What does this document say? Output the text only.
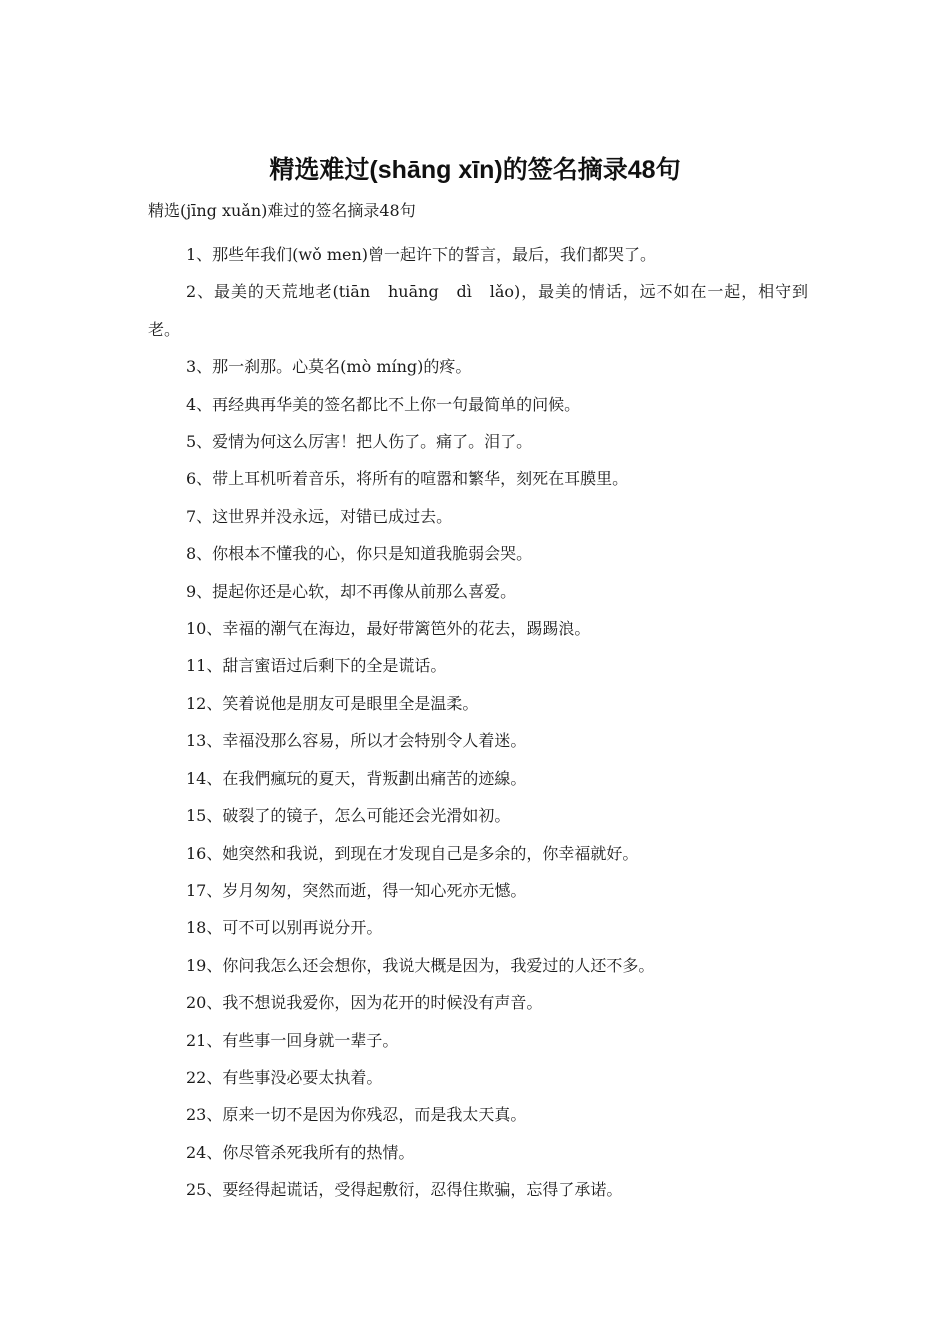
精选难过(shāng xīn)的签名摘录48句

精选(jīng xuǎn)难过的签名摘录48句

1、那些年我们(wǒ men)曾一起许下的誓言，最后，我们都哭了。
2、最美的天荒地老(tiān　huāng　dì　lǎo)，最美的情话，远不如在一起，相守到老。
3、那一刹那。心莫名(mò míng)的疼。
4、再经典再华美的签名都比不上你一句最简单的问候。
5、爱情为何这么厉害！把人伤了。痛了。泪了。
6、带上耳机听着音乐，将所有的喧嚣和繁华，刻死在耳膜里。
7、这世界并没永远，对错已成过去。
8、你根本不懂我的心，你只是知道我脆弱会哭。
9、提起你还是心软，却不再像从前那么喜爱。
10、幸福的潮气在海边，最好带篱笆外的花去，踢踢浪。
11、甜言蜜语过后剩下的全是谎话。
12、笑着说他是朋友可是眼里全是温柔。
13、幸福没那么容易，所以才会特别令人着迷。
14、在我們瘋玩的夏天，背叛劃出痛苦的迹線。
15、破裂了的镜子，怎么可能还会光滑如初。
16、她突然和我说，到现在才发现自己是多余的，你幸福就好。
17、岁月匆匆，突然而逝，得一知心死亦无憾。
18、可不可以别再说分开。
19、你问我怎么还会想你，我说大概是因为，我爱过的人还不多。
20、我不想说我爱你，因为花开的时候没有声音。
21、有些事一回身就一辈子。
22、有些事没必要太执着。
23、原来一切不是因为你残忍，而是我太天真。
24、你尽管杀死我所有的热情。
25、要经得起谎话，受得起敷衍，忍得住欺骗，忘得了承诺。
